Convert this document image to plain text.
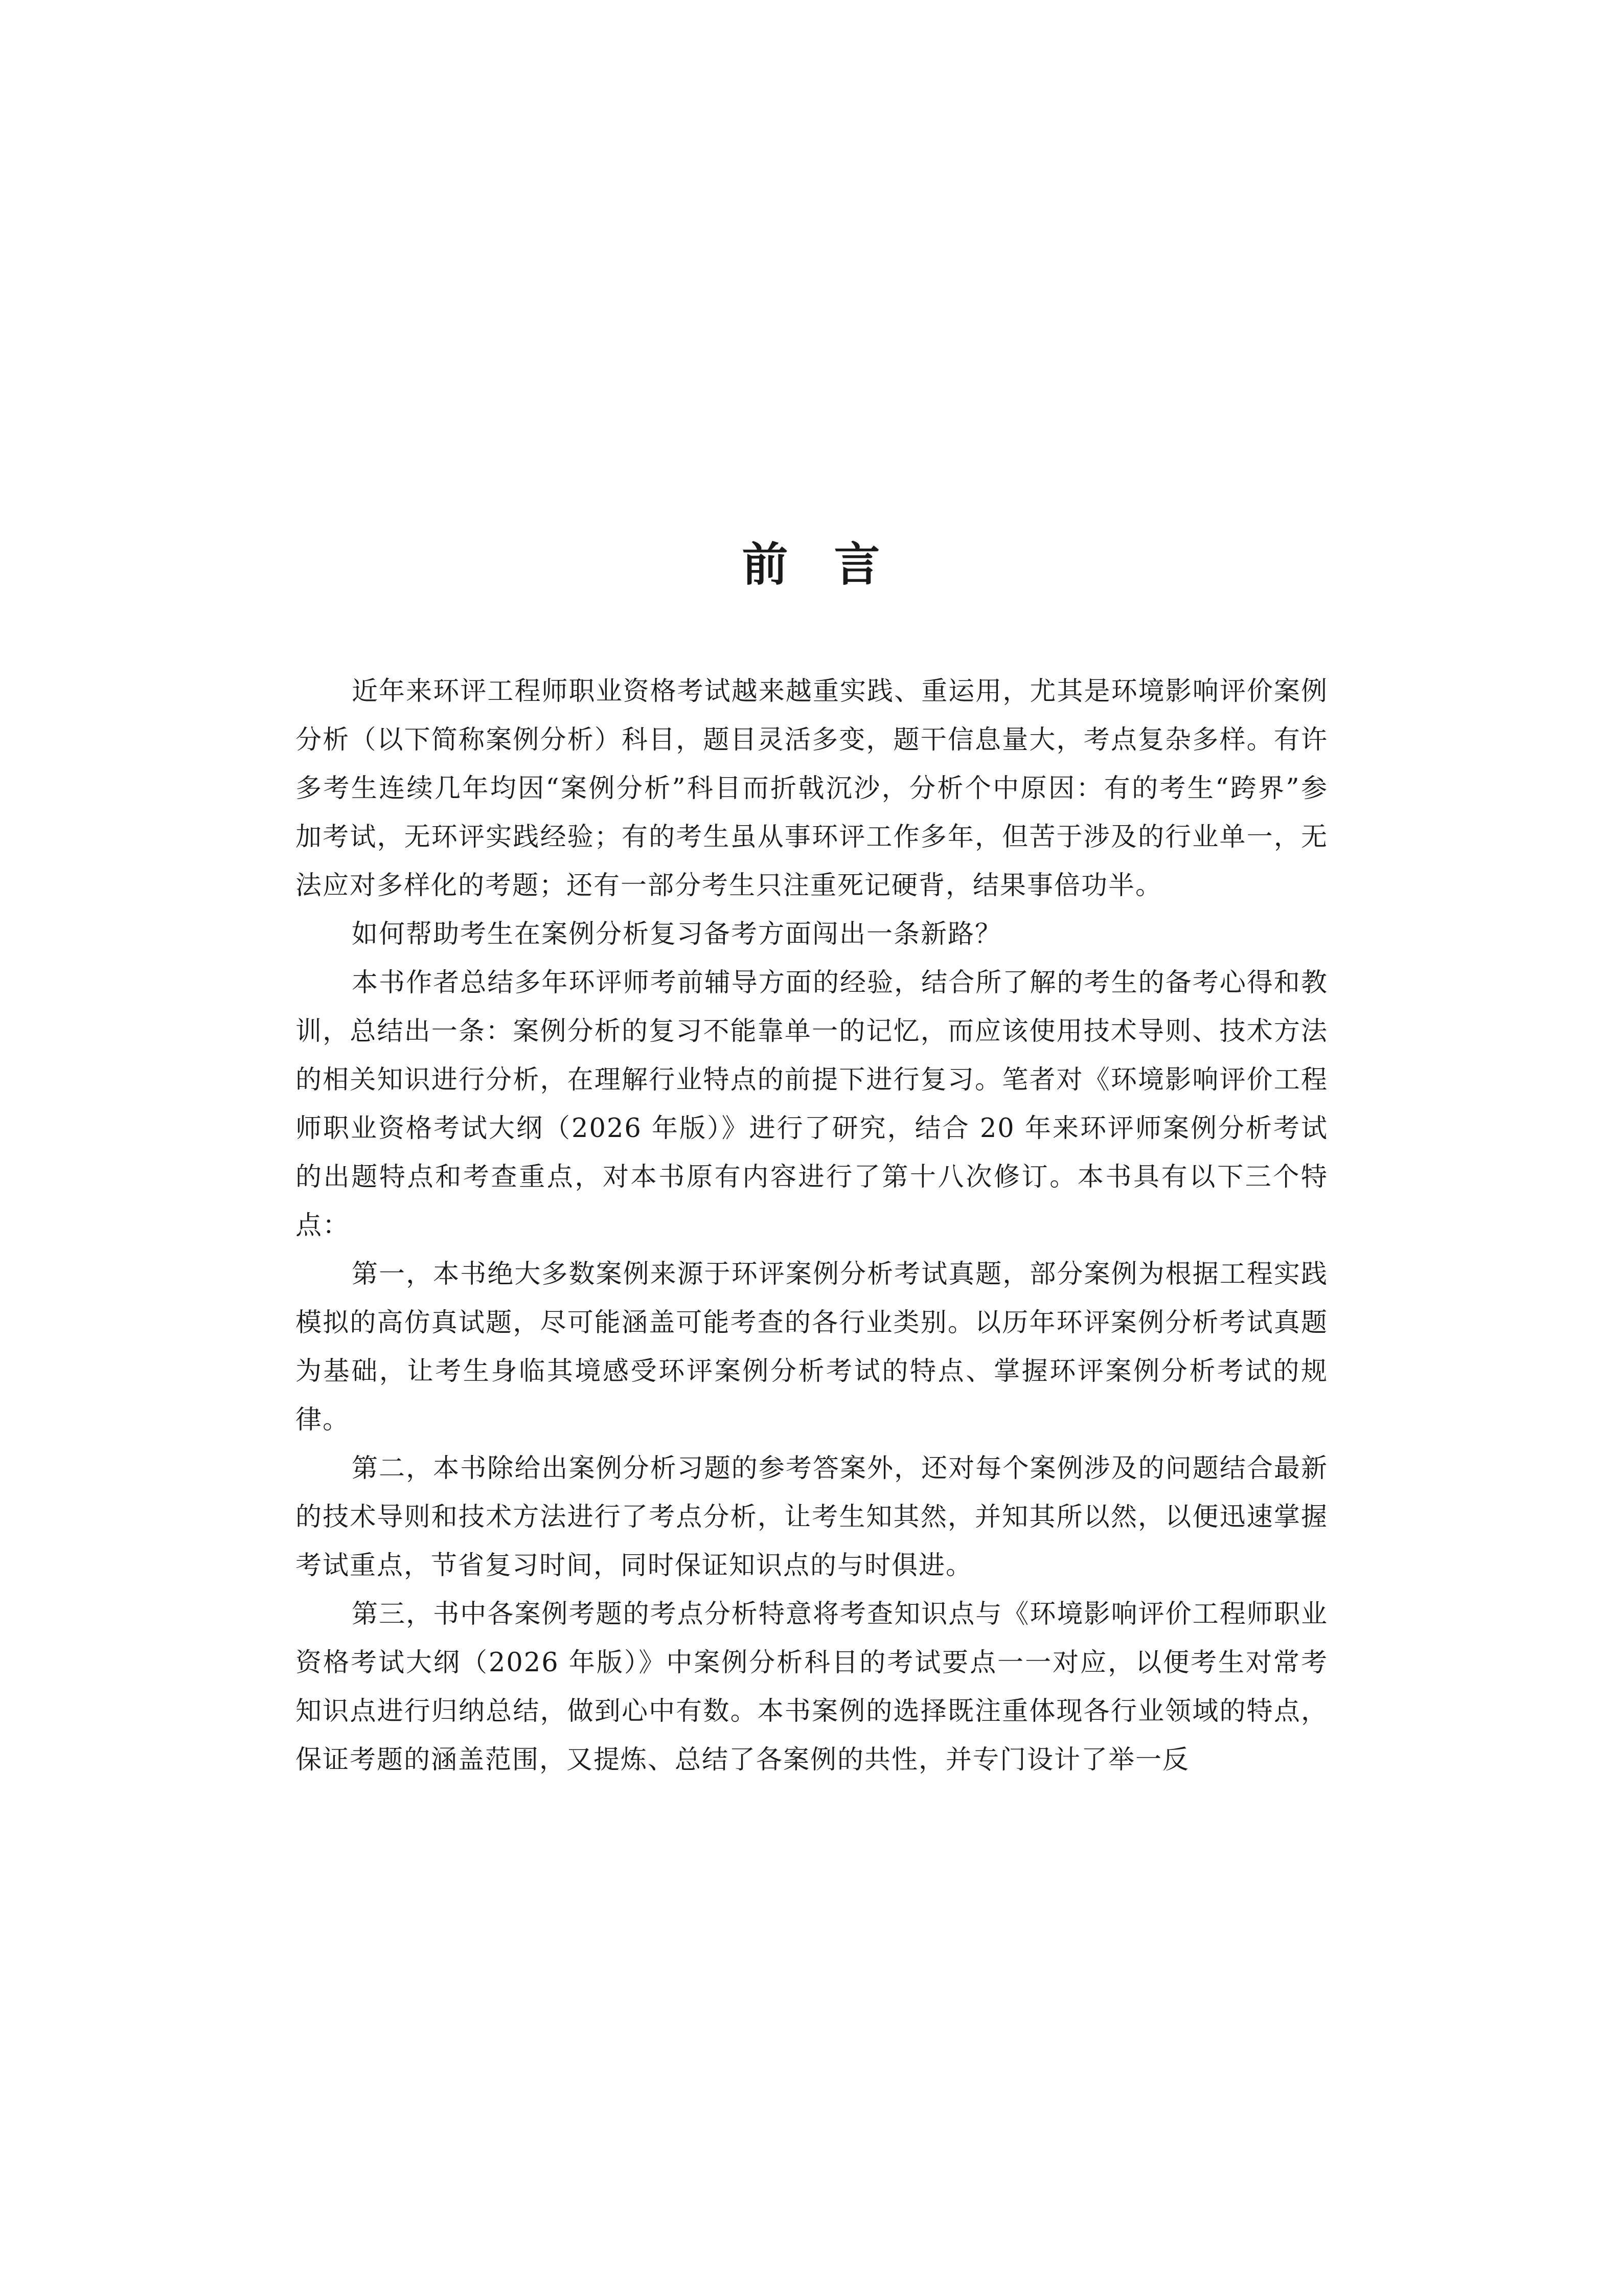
前　言

近年来环评工程师职业资格考试越来越重实践、重运用，尤其是环境影响评价案例分析（以下简称案例分析）科目，题目灵活多变，题干信息量大，考点复杂多样。有许多考生连续几年均因“案例分析”科目而折戟沉沙，分析个中原因：有的考生“跨界”参加考试，无环评实践经验；有的考生虽从事环评工作多年，但苦于涉及的行业单一，无法应对多样化的考题；还有一部分考生只注重死记硬背，结果事倍功半。

如何帮助考生在案例分析复习备考方面闯出一条新路？

本书作者总结多年环评师考前辅导方面的经验，结合所了解的考生的备考心得和教训，总结出一条：案例分析的复习不能靠单一的记忆，而应该使用技术导则、技术方法的相关知识进行分析，在理解行业特点的前提下进行复习。笔者对《环境影响评价工程师职业资格考试大纲（2026 年版）》进行了研究，结合 20 年来环评师案例分析考试的出题特点和考查重点，对本书原有内容进行了第十八次修订。本书具有以下三个特点：

第一，本书绝大多数案例来源于环评案例分析考试真题，部分案例为根据工程实践模拟的高仿真试题，尽可能涵盖可能考查的各行业类别。以历年环评案例分析考试真题为基础，让考生身临其境感受环评案例分析考试的特点、掌握环评案例分析考试的规律。

第二，本书除给出案例分析习题的参考答案外，还对每个案例涉及的问题结合最新的技术导则和技术方法进行了考点分析，让考生知其然，并知其所以然，以便迅速掌握考试重点，节省复习时间，同时保证知识点的与时俱进。

第三，书中各案例考题的考点分析特意将考查知识点与《环境影响评价工程师职业资格考试大纲（2026 年版）》中案例分析科目的考试要点一一对应，以便考生对常考知识点进行归纳总结，做到心中有数。本书案例的选择既注重体现各行业领域的特点，保证考题的涵盖范围，又提炼、总结了各案例的共性，并专门设计了举一反
